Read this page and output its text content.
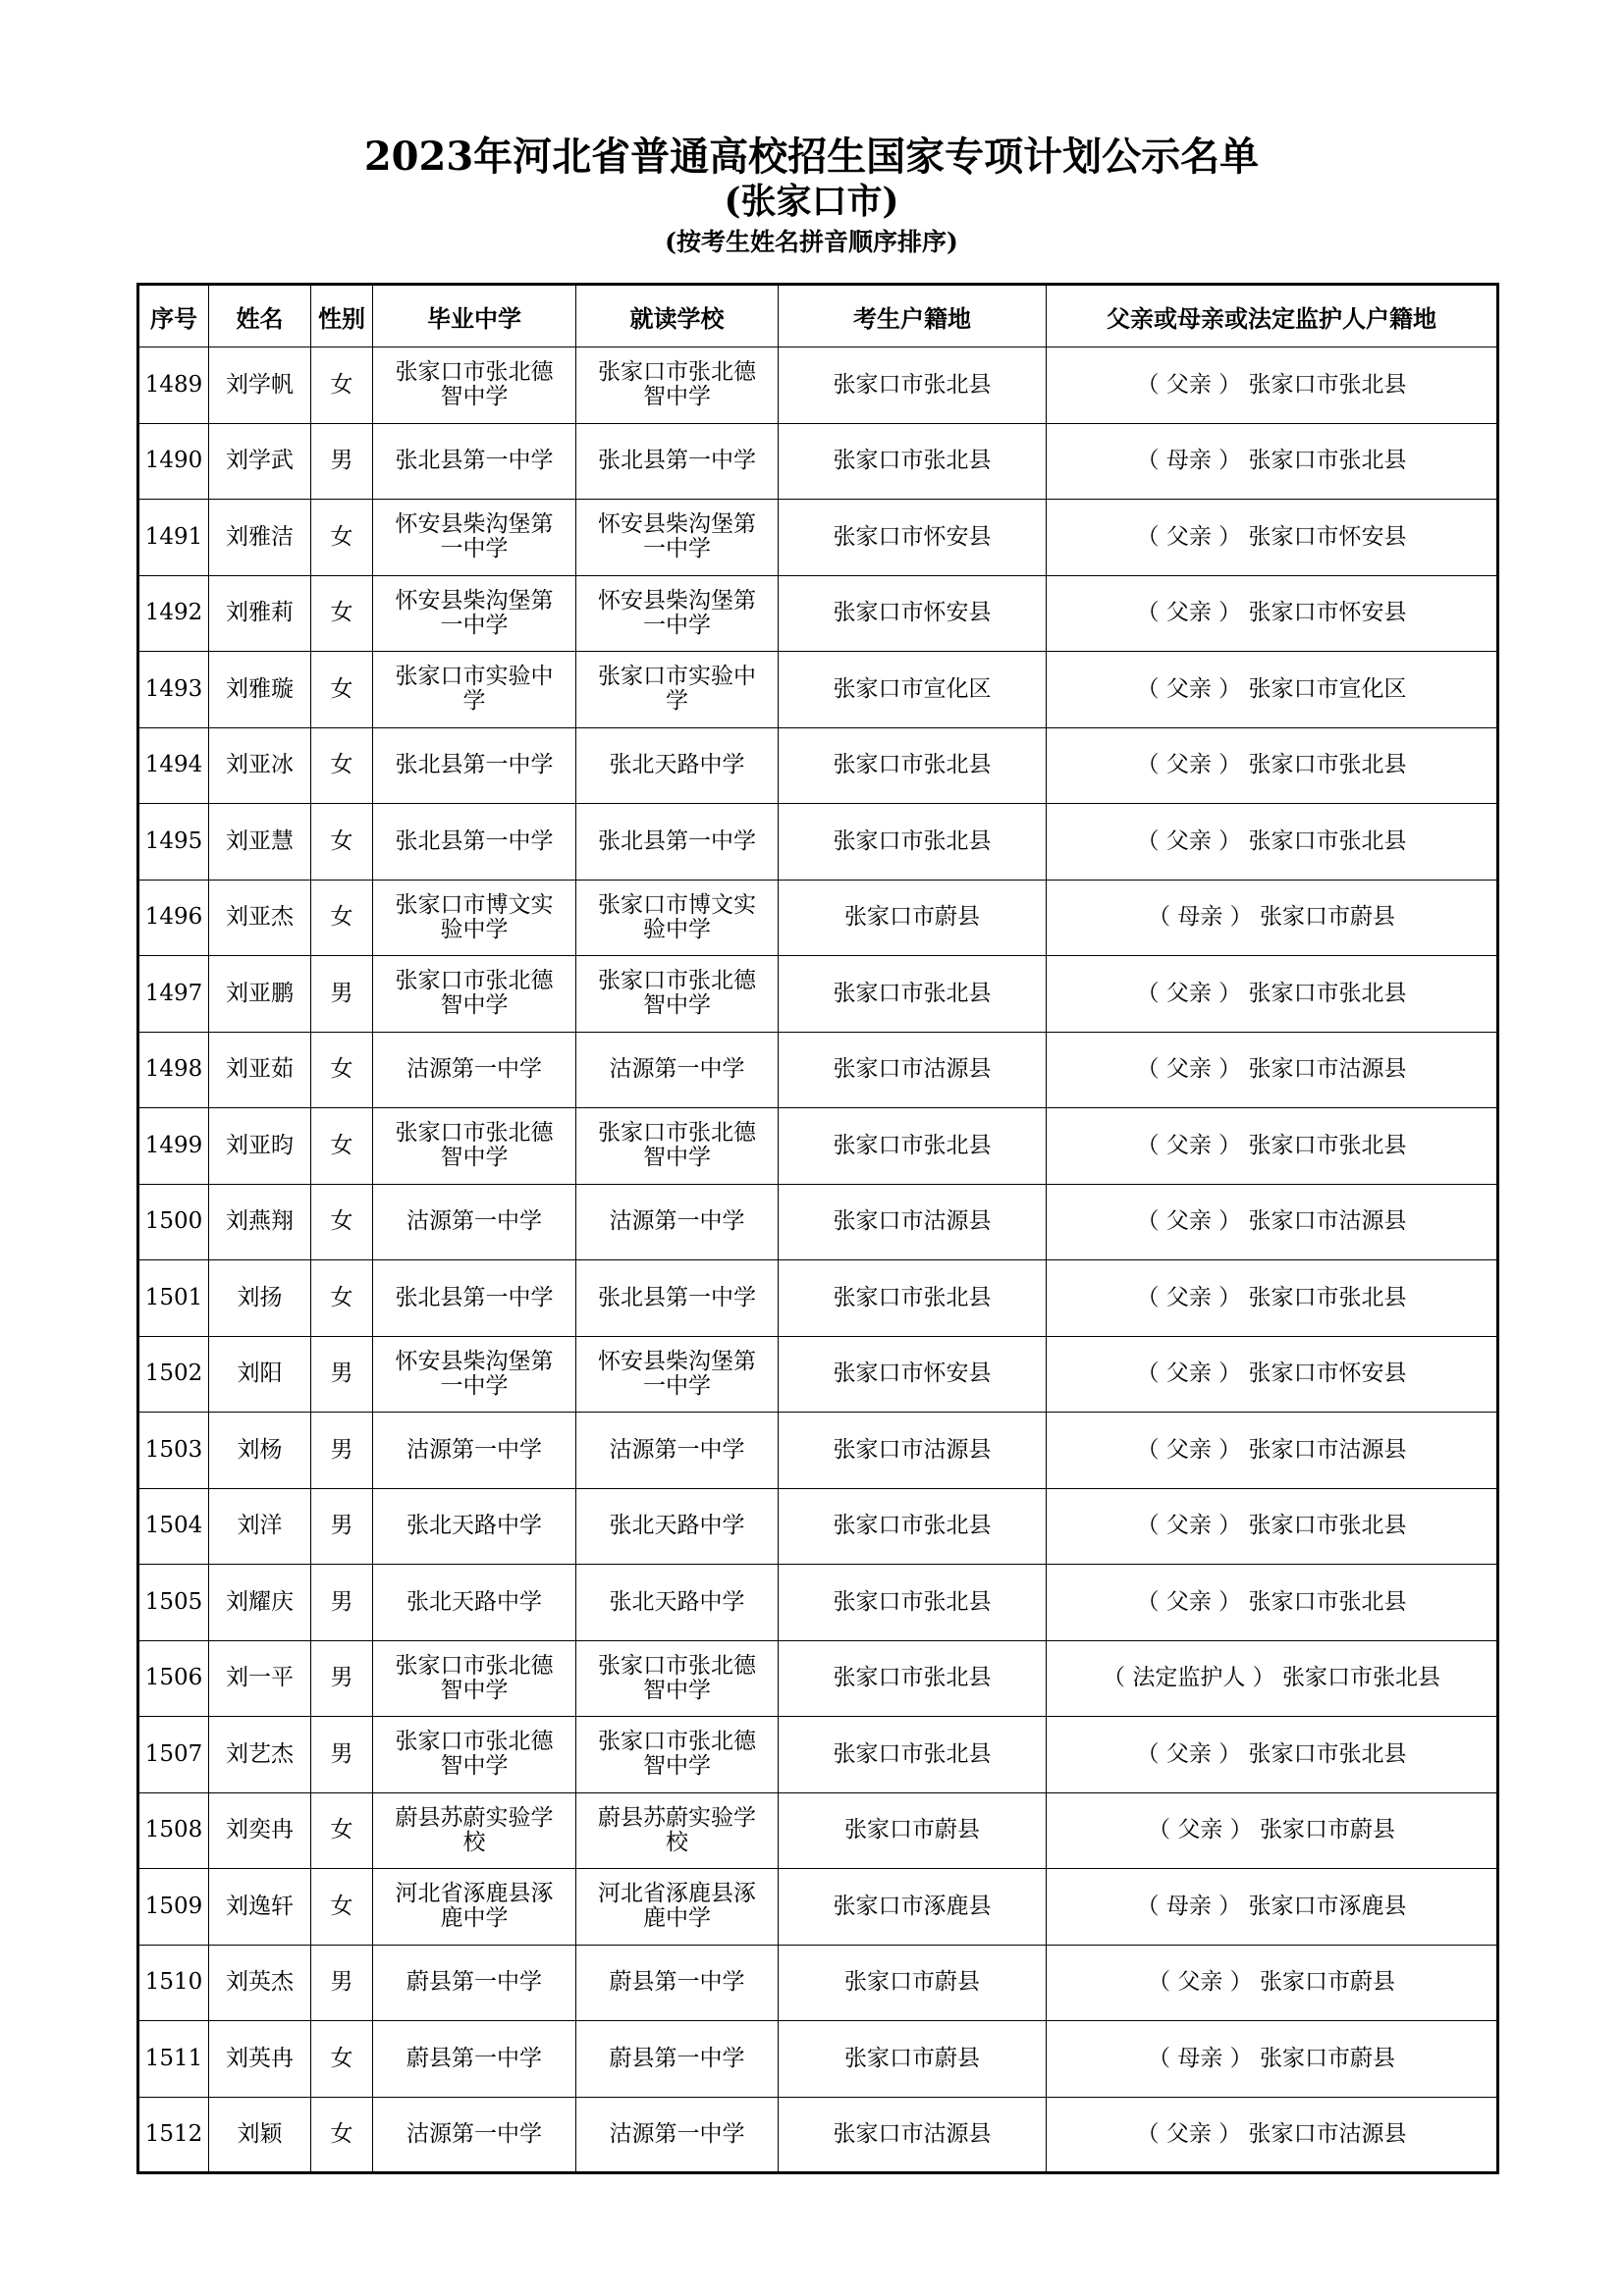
2023年河北省普通高校招生国家专项计划公示名单
(张家口市)
(按考生姓名拼音顺序排序)
序号	姓名	性别	毕业中学	就读学校	考生户籍地	父亲或母亲或法定监护人户籍地
1489	刘学帆	女	张家口市张北德智中学	张家口市张北德智中学	张家口市张北县	（ 父亲 ） 张家口市张北县
1490	刘学武	男	张北县第一中学	张北县第一中学	张家口市张北县	（ 母亲 ） 张家口市张北县
1491	刘雅洁	女	怀安县柴沟堡第一中学	怀安县柴沟堡第一中学	张家口市怀安县	（ 父亲 ） 张家口市怀安县
1492	刘雅莉	女	怀安县柴沟堡第一中学	怀安县柴沟堡第一中学	张家口市怀安县	（ 父亲 ） 张家口市怀安县
1493	刘雅璇	女	张家口市实验中学	张家口市实验中学	张家口市宣化区	（ 父亲 ） 张家口市宣化区
1494	刘亚冰	女	张北县第一中学	张北天路中学	张家口市张北县	（ 父亲 ） 张家口市张北县
1495	刘亚慧	女	张北县第一中学	张北县第一中学	张家口市张北县	（ 父亲 ） 张家口市张北县
1496	刘亚杰	女	张家口市博文实验中学	张家口市博文实验中学	张家口市蔚县	（ 母亲 ） 张家口市蔚县
1497	刘亚鹏	男	张家口市张北德智中学	张家口市张北德智中学	张家口市张北县	（ 父亲 ） 张家口市张北县
1498	刘亚茹	女	沽源第一中学	沽源第一中学	张家口市沽源县	（ 父亲 ） 张家口市沽源县
1499	刘亚昀	女	张家口市张北德智中学	张家口市张北德智中学	张家口市张北县	（ 父亲 ） 张家口市张北县
1500	刘燕翔	女	沽源第一中学	沽源第一中学	张家口市沽源县	（ 父亲 ） 张家口市沽源县
1501	刘扬	女	张北县第一中学	张北县第一中学	张家口市张北县	（ 父亲 ） 张家口市张北县
1502	刘阳	男	怀安县柴沟堡第一中学	怀安县柴沟堡第一中学	张家口市怀安县	（ 父亲 ） 张家口市怀安县
1503	刘杨	男	沽源第一中学	沽源第一中学	张家口市沽源县	（ 父亲 ） 张家口市沽源县
1504	刘洋	男	张北天路中学	张北天路中学	张家口市张北县	（ 父亲 ） 张家口市张北县
1505	刘耀庆	男	张北天路中学	张北天路中学	张家口市张北县	（ 父亲 ） 张家口市张北县
1506	刘一平	男	张家口市张北德智中学	张家口市张北德智中学	张家口市张北县	（ 法定监护人 ） 张家口市张北县
1507	刘艺杰	男	张家口市张北德智中学	张家口市张北德智中学	张家口市张北县	（ 父亲 ） 张家口市张北县
1508	刘奕冉	女	蔚县苏蔚实验学校	蔚县苏蔚实验学校	张家口市蔚县	（ 父亲 ） 张家口市蔚县
1509	刘逸轩	女	河北省涿鹿县涿鹿中学	河北省涿鹿县涿鹿中学	张家口市涿鹿县	（ 母亲 ） 张家口市涿鹿县
1510	刘英杰	男	蔚县第一中学	蔚县第一中学	张家口市蔚县	（ 父亲 ） 张家口市蔚县
1511	刘英冉	女	蔚县第一中学	蔚县第一中学	张家口市蔚县	（ 母亲 ） 张家口市蔚县
1512	刘颖	女	沽源第一中学	沽源第一中学	张家口市沽源县	（ 父亲 ） 张家口市沽源县
